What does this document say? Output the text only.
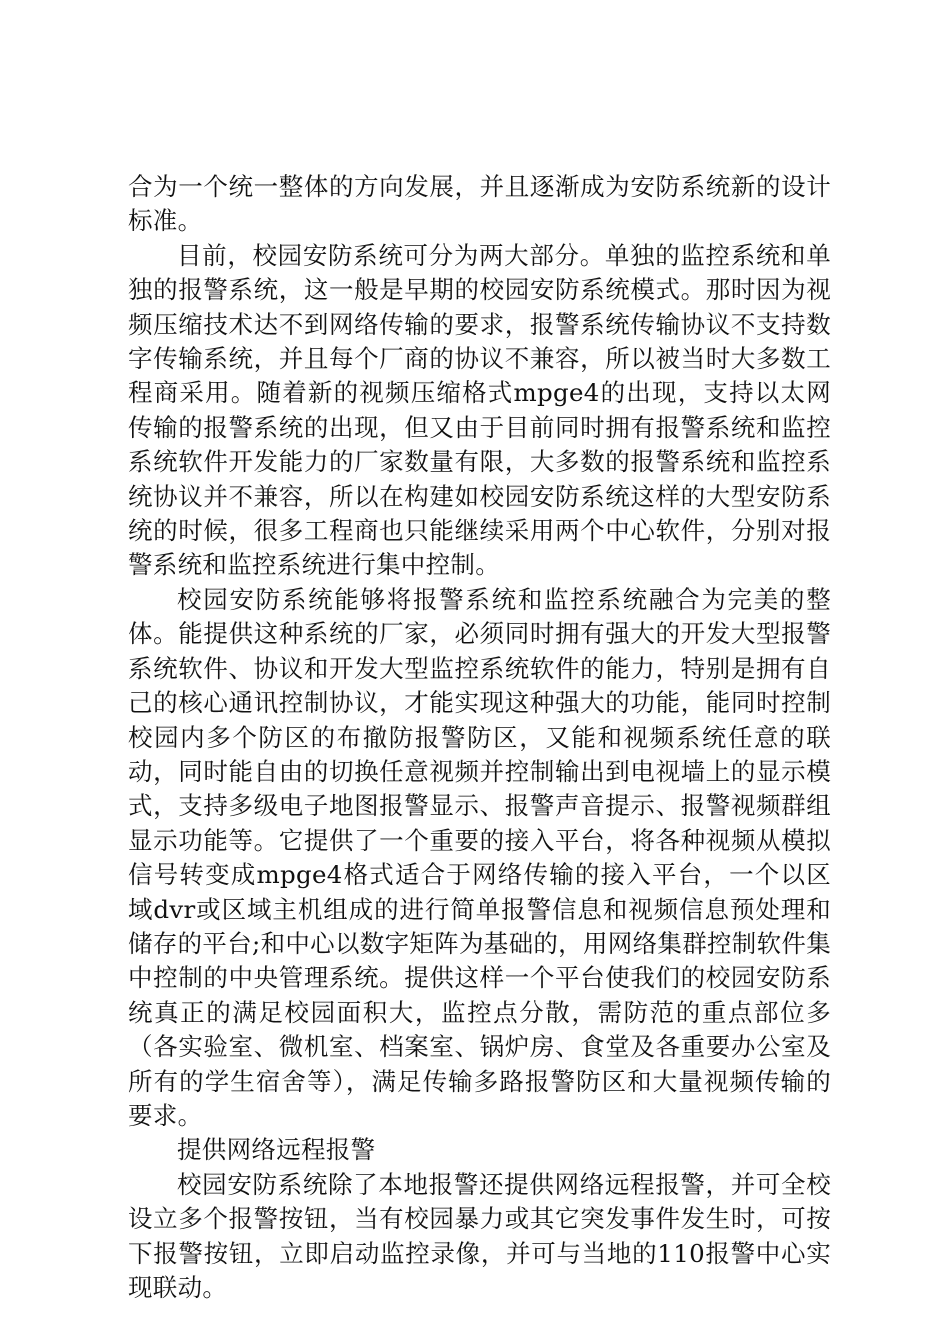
合为一个统一整体的方向发展，并且逐渐成为安防系统新的设计标准。

目前，校园安防系统可分为两大部分。单独的监控系统和单独的报警系统，这一般是早期的校园安防系统模式。那时因为视频压缩技术达不到网络传输的要求，报警系统传输协议不支持数字传输系统，并且每个厂商的协议不兼容，所以被当时大多数工程商采用。随着新的视频压缩格式mpge4的出现，支持以太网传输的报警系统的出现，但又由于目前同时拥有报警系统和监控系统软件开发能力的厂家数量有限，大多数的报警系统和监控系统协议并不兼容，所以在构建如校园安防系统这样的大型安防系统的时候，很多工程商也只能继续采用两个中心软件，分别对报警系统和监控系统进行集中控制。

校园安防系统能够将报警系统和监控系统融合为完美的整体。能提供这种系统的厂家，必须同时拥有强大的开发大型报警系统软件、协议和开发大型监控系统软件的能力，特别是拥有自己的核心通讯控制协议，才能实现这种强大的功能，能同时控制校园内多个防区的布撤防报警防区，又能和视频系统任意的联动，同时能自由的切换任意视频并控制输出到电视墙上的显示模式，支持多级电子地图报警显示、报警声音提示、报警视频群组显示功能等。它提供了一个重要的接入平台，将各种视频从模拟信号转变成mpge4格式适合于网络传输的接入平台，一个以区域dvr或区域主机组成的进行简单报警信息和视频信息预处理和储存的平台;和中心以数字矩阵为基础的，用网络集群控制软件集中控制的中央管理系统。提供这样一个平台使我们的校园安防系统真正的满足校园面积大，监控点分散，需防范的重点部位多（各实验室、微机室、档案室、锅炉房、食堂及各重要办公室及所有的学生宿舍等），满足传输多路报警防区和大量视频传输的要求。

提供网络远程报警

校园安防系统除了本地报警还提供网络远程报警，并可全校设立多个报警按钮，当有校园暴力或其它突发事件发生时，可按下报警按钮，立即启动监控录像，并可与当地的110报警中心实现联动。
